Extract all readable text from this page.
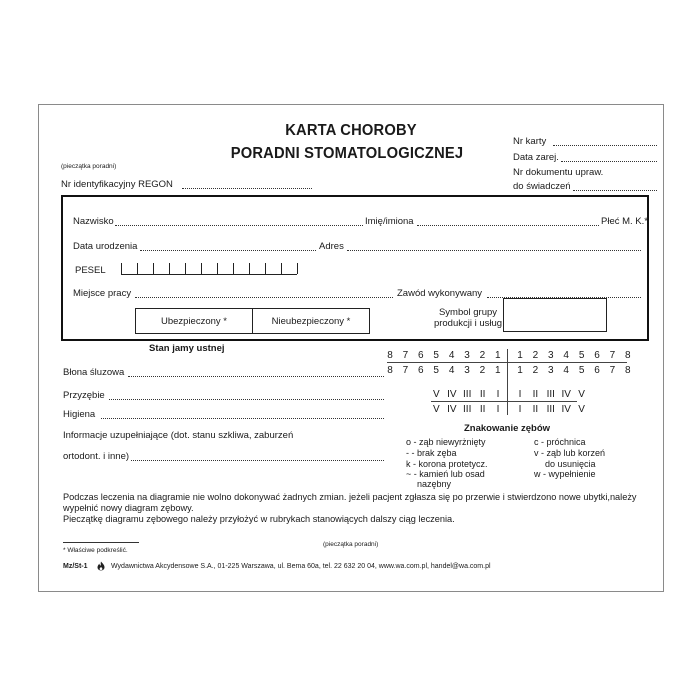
KARTA CHOROBY
PORADNI STOMATOLOGICZNEJ
(pieczątka poradni)
Nr identyfikacyjny REGON
Nr karty
Data zarej.
Nr dokumentu upraw.
do świadczeń
Nazwisko	Imię/imiona	Płeć M. K.*
Data urodzenia	Adres
PESEL
Miejsce pracy	Zawód wykonywany
Ubezpieczony *	Nieubezpieczony *
Symbol grupy
produkcji i usług
Stan jamy ustnej
Błona śluzowa
Przyzębie
Higiena
Informacje uzupełniające (dot. stanu szkliwa, zaburzeń
ortodont. i inne)
8 7 6 5 4 3 2 1 1 2 3 4 5 6 7 8
8 7 6 5 4 3 2 1 1 2 3 4 5 6 7 8
V IV III II	I	I	II III IV V
V IV III II	I	I	II III IV V
Znakowanie zębów
o - ząb niewyrżnięty
- - brak zęba
k - korona protetycz.
~ - kamień lub osad
nazębny
c - próchnica
v - ząb lub korzeń
do usunięcia
w - wypełnienie
Podczas leczenia na diagramie nie wolno dokonywać żadnych zmian. jeżeli pacjent zgłasza się po przerwie i stwierdzono nowe ubytki,należy
wypełnić nowy diagram zębowy.
Pieczątkę diagramu zębowego należy przyłożyć w rubrykach stanowiących dalszy ciąg leczenia.
(pieczątka poradni)
* Właściwe podkreślić.
Mz/St-1	Wydawnictwa Akcydensowe S.A., 01-225 Warszawa, ul. Bema 60a, tel. 22 632 20 04, www.wa.com.pl, handel@wa.com.pl
